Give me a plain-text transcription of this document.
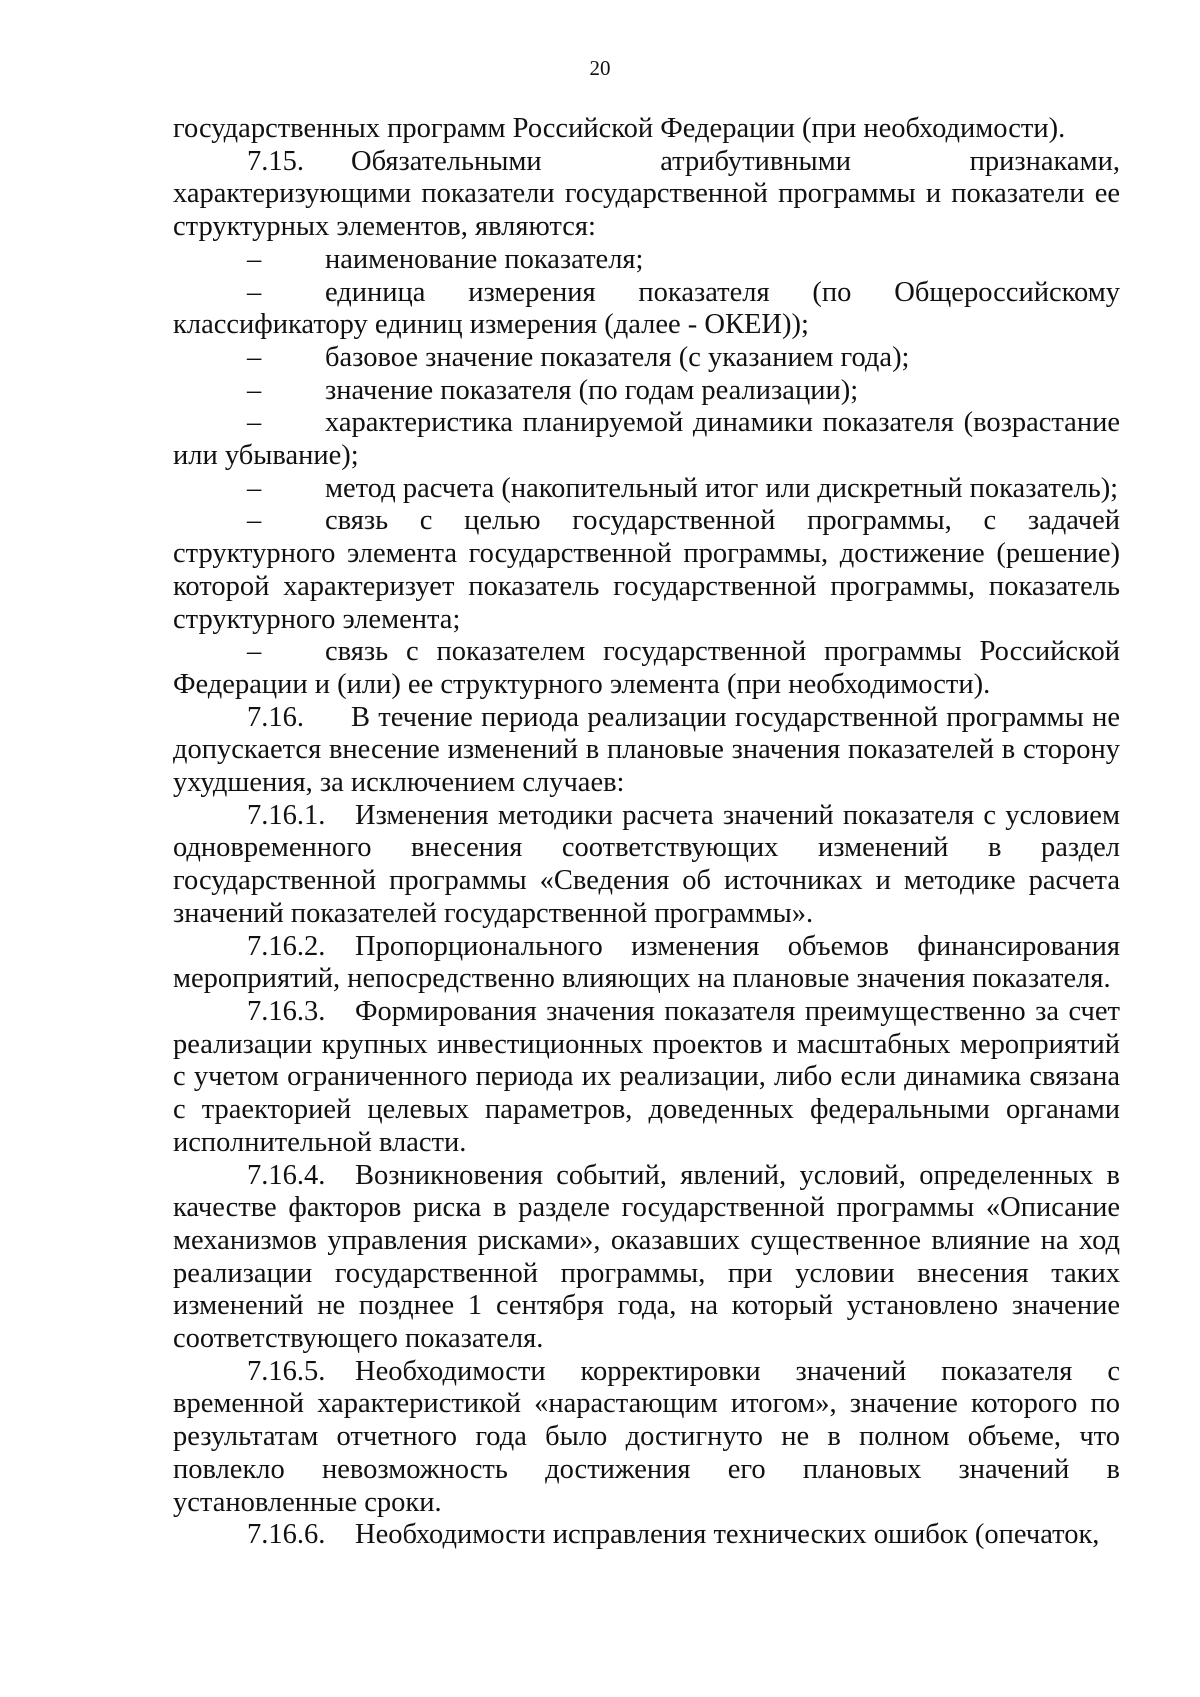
20

государственных программ Российской Федерации (при необходимости).

7.15. Обязательными атрибутивными признаками, характеризующими показатели государственной программы и показатели ее структурных элементов, являются:

– наименование показателя;

– единица измерения показателя (по Общероссийскому классификатору единиц измерения (далее - ОКЕИ));

– базовое значение показателя (с указанием года);

– значение показателя (по годам реализации);

– характеристика планируемой динамики показателя (возрастание или убывание);

– метод расчета (накопительный итог или дискретный показатель);

– связь с целью государственной программы, с задачей структурного элемента государственной программы, достижение (решение) которой характеризует показатель государственной программы, показатель структурного элемента;

– связь с показателем государственной программы Российской Федерации и (или) ее структурного элемента (при необходимости).

7.16. В течение периода реализации государственной программы не допускается внесение изменений в плановые значения показателей в сторону ухудшения, за исключением случаев:

7.16.1. Изменения методики расчета значений показателя с условием одновременного внесения соответствующих изменений в раздел государственной программы «Сведения об источниках и методике расчета значений показателей государственной программы».

7.16.2. Пропорционального изменения объемов финансирования мероприятий, непосредственно влияющих на плановые значения показателя.

7.16.3. Формирования значения показателя преимущественно за счет реализации крупных инвестиционных проектов и масштабных мероприятий с учетом ограниченного периода их реализации, либо если динамика связана с траекторией целевых параметров, доведенных федеральными органами исполнительной власти.

7.16.4. Возникновения событий, явлений, условий, определенных в качестве факторов риска в разделе государственной программы «Описание механизмов управления рисками», оказавших существенное влияние на ход реализации государственной программы, при условии внесения таких изменений не позднее 1 сентября года, на который установлено значение соответствующего показателя.

7.16.5. Необходимости корректировки значений показателя с временной характеристикой «нарастающим итогом», значение которого по результатам отчетного года было достигнуто не в полном объеме, что повлекло невозможность достижения его плановых значений в установленные сроки.

7.16.6. Необходимости исправления технических ошибок (опечаток,
